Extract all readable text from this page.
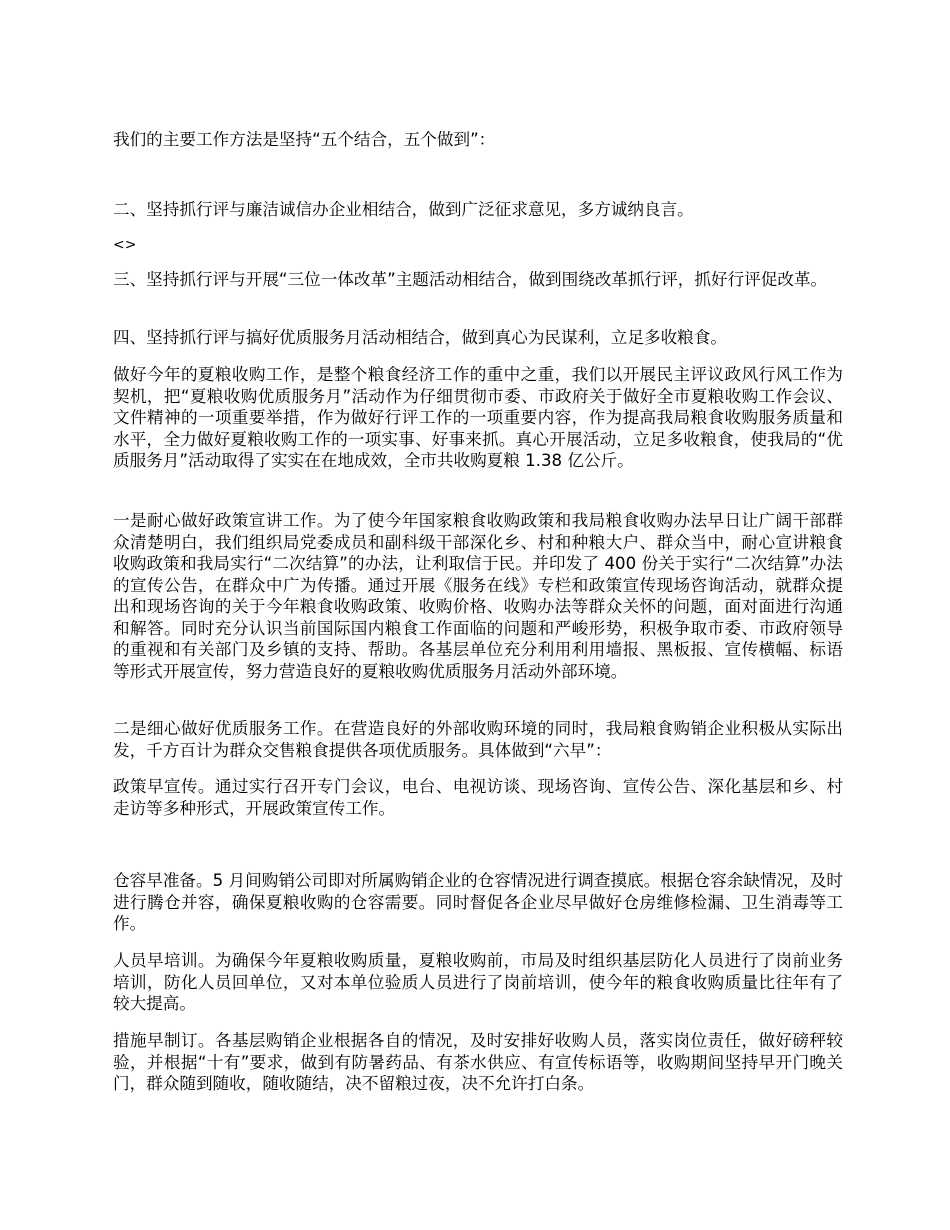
我们的主要工作方法是坚持“五个结合，五个做到”：

二、坚持抓行评与廉洁诚信办企业相结合，做到广泛征求意见，多方诚纳良言。

<>

三、坚持抓行评与开展“三位一体改革”主题活动相结合，做到围绕改革抓行评，抓好行评促改革。

四、坚持抓行评与搞好优质服务月活动相结合，做到真心为民谋利，立足多收粮食。

做好今年的夏粮收购工作，是整个粮食经济工作的重中之重，我们以开展民主评议政风行风工作为契机，把“夏粮收购优质服务月”活动作为仔细贯彻市委、市政府关于做好全市夏粮收购工作会议、文件精神的一项重要举措，作为做好行评工作的一项重要内容，作为提高我局粮食收购服务质量和水平，全力做好夏粮收购工作的一项实事、好事来抓。真心开展活动，立足多收粮食，使我局的“优质服务月”活动取得了实实在在地成效，全市共收购夏粮 1.38 亿公斤。

一是耐心做好政策宣讲工作。为了使今年国家粮食收购政策和我局粮食收购办法早日让广阔干部群众清楚明白，我们组织局党委成员和副科级干部深化乡、村和种粮大户、群众当中，耐心宣讲粮食收购政策和我局实行“二次结算”的办法，让利取信于民。并印发了 400 份关于实行“二次结算”办法的宣传公告，在群众中广为传播。通过开展《服务在线》专栏和政策宣传现场咨询活动，就群众提出和现场咨询的关于今年粮食收购政策、收购价格、收购办法等群众关怀的问题，面对面进行沟通和解答。同时充分认识当前国际国内粮食工作面临的问题和严峻形势，积极争取市委、市政府领导的重视和有关部门及乡镇的支持、帮助。各基层单位充分利用利用墙报、黑板报、宣传横幅、标语等形式开展宣传，努力营造良好的夏粮收购优质服务月活动外部环境。

二是细心做好优质服务工作。在营造良好的外部收购环境的同时，我局粮食购销企业积极从实际出发，千方百计为群众交售粮食提供各项优质服务。具体做到“六早”：

政策早宣传。通过实行召开专门会议，电台、电视访谈、现场咨询、宣传公告、深化基层和乡、村走访等多种形式，开展政策宣传工作。

仓容早准备。5 月间购销公司即对所属购销企业的仓容情况进行调查摸底。根据仓容余缺情况，及时进行腾仓并容，确保夏粮收购的仓容需要。同时督促各企业尽早做好仓房维修检漏、卫生消毒等工作。

人员早培训。为确保今年夏粮收购质量，夏粮收购前，市局及时组织基层防化人员进行了岗前业务培训，防化人员回单位，又对本单位验质人员进行了岗前培训，使今年的粮食收购质量比往年有了较大提高。

措施早制订。各基层购销企业根据各自的情况，及时安排好收购人员，落实岗位责任，做好磅秤较验，并根据“十有”要求，做到有防暑药品、有茶水供应、有宣传标语等，收购期间坚持早开门晚关门，群众随到随收，随收随结，决不留粮过夜，决不允许打白条。
